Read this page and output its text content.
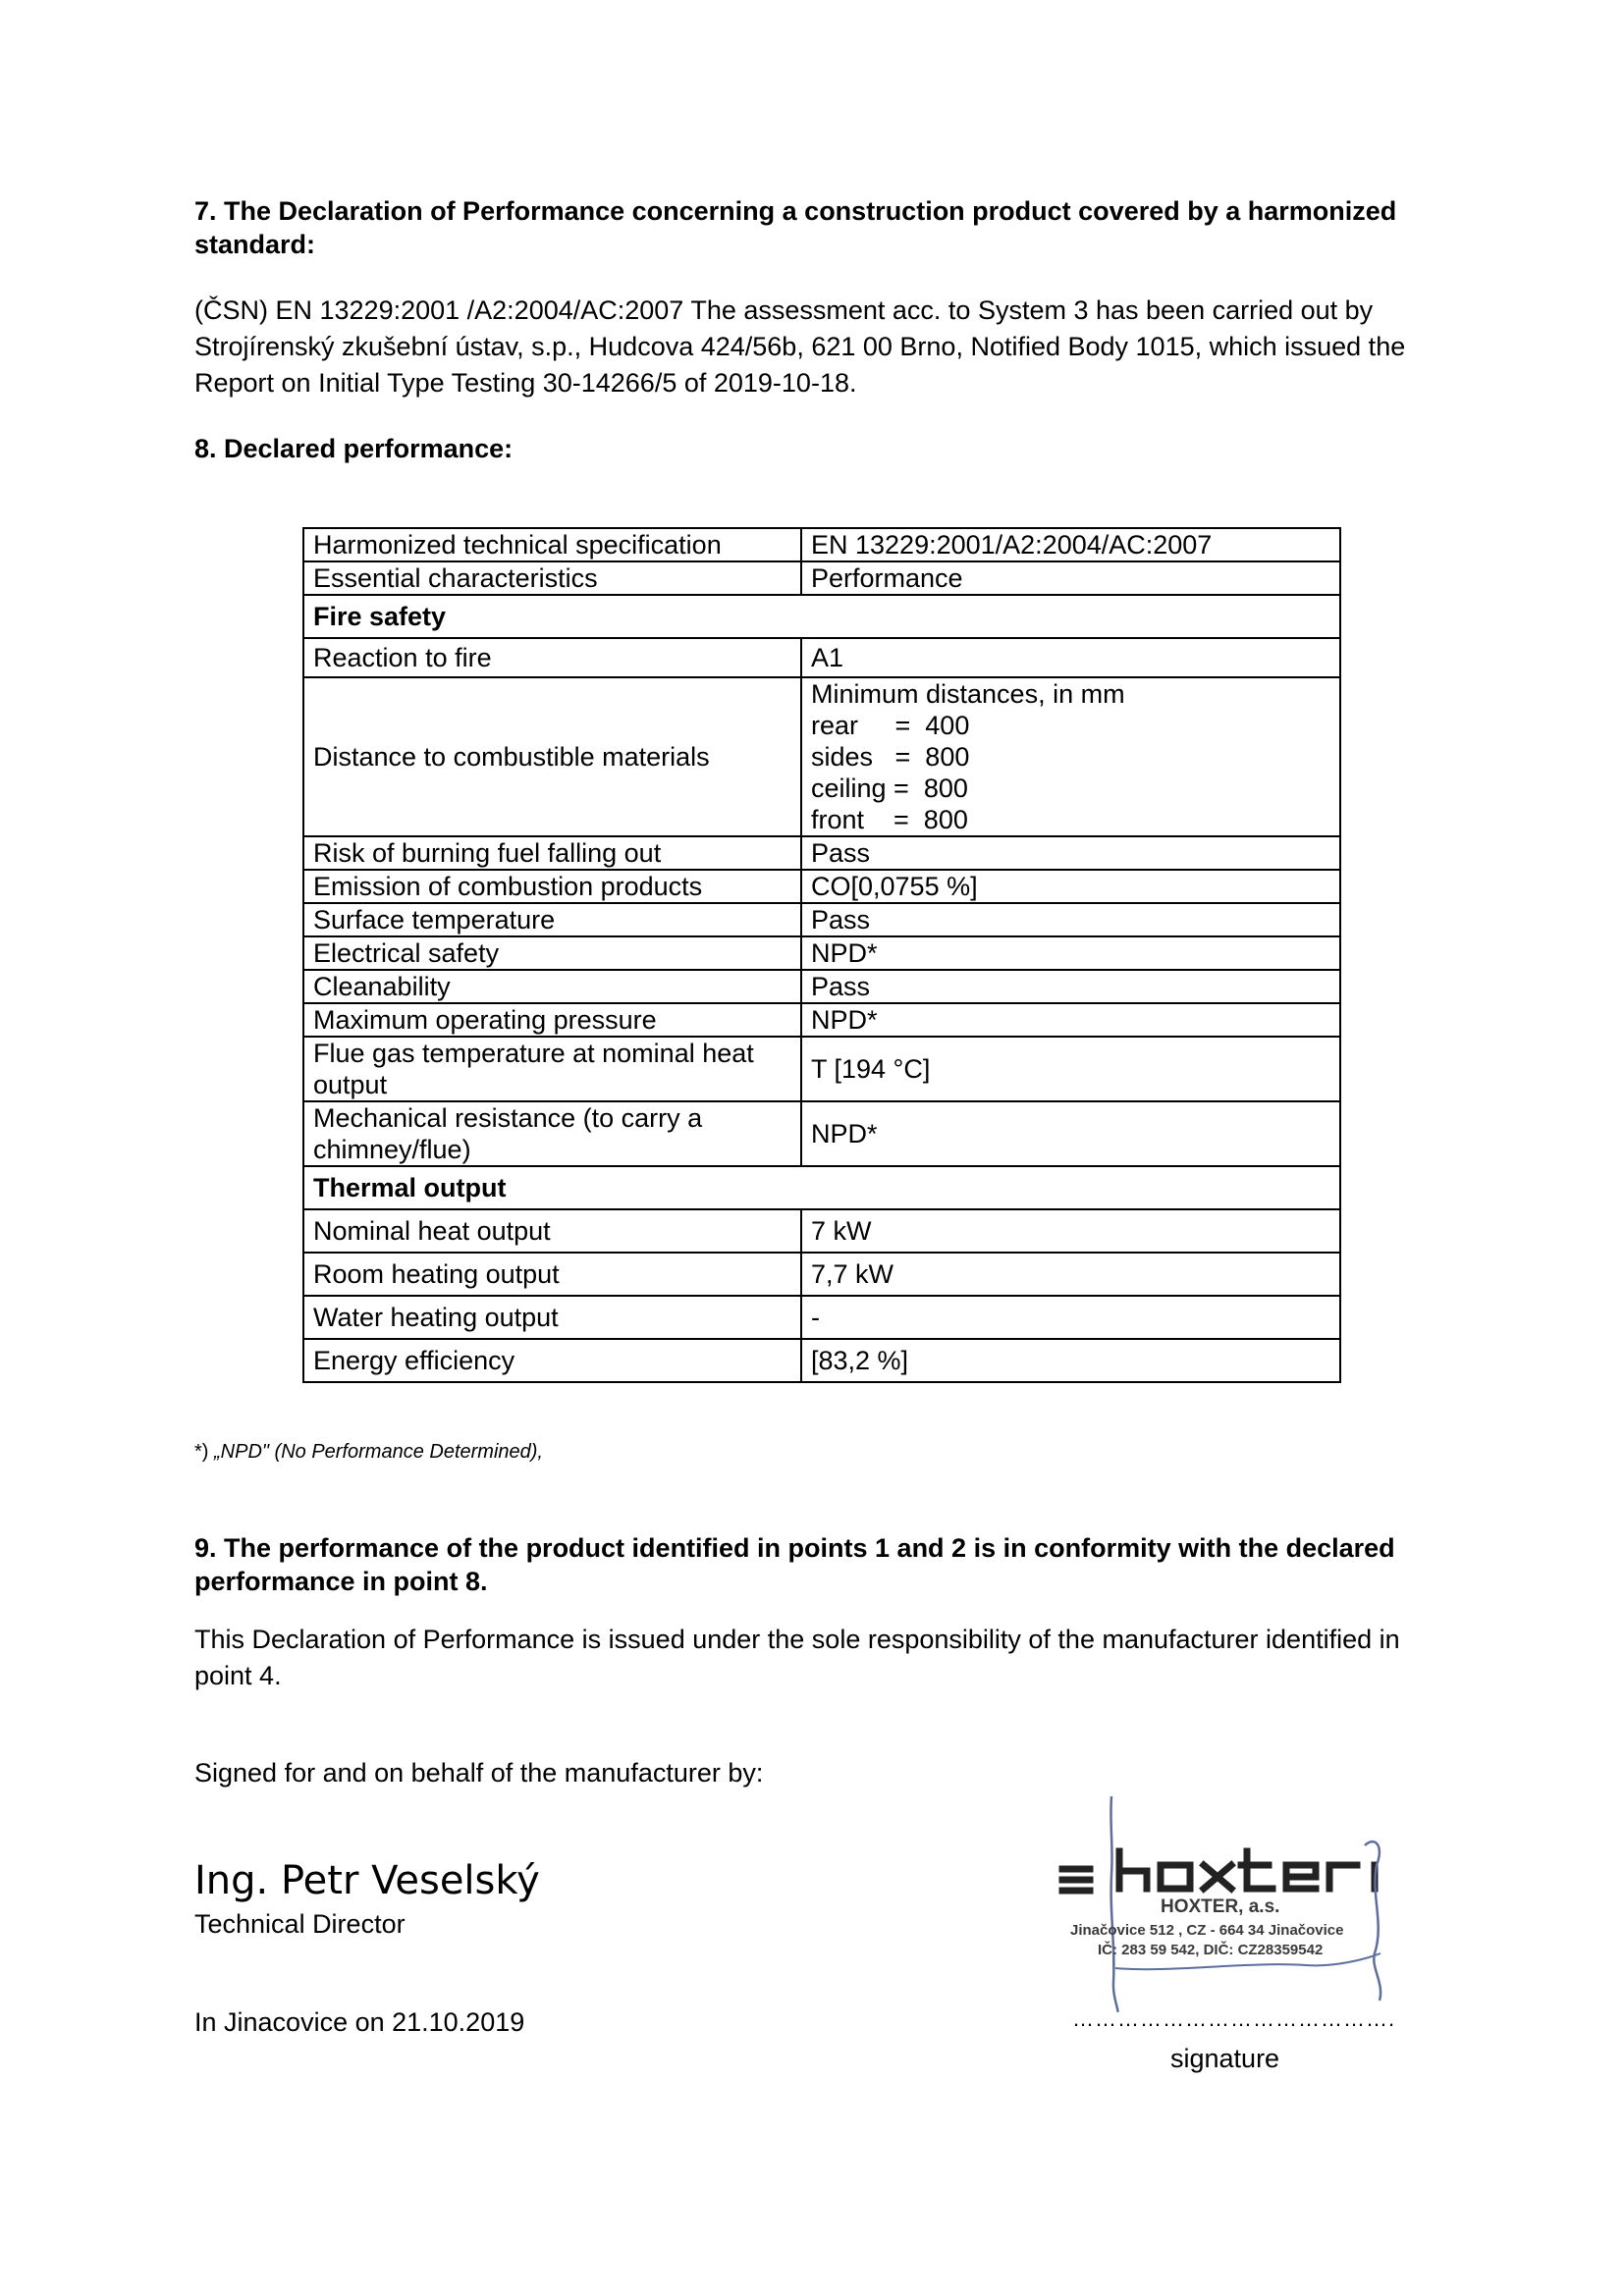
7. The Declaration of Performance concerning a construction product covered by a harmonized standard:

(ČSN) EN 13229:2001 /A2:2004/AC:2007 The assessment acc. to System 3 has been carried out by Strojírenský zkušební ústav, s.p., Hudcova 424/56b, 621 00 Brno, Notified Body 1015, which issued the Report on Initial Type Testing 30-14266/5 of 2019-10-18.

8. Declared performance:

Harmonized technical specification	EN 13229:2001/A2:2004/AC:2007
Essential characteristics	Performance
Fire safety	
Reaction to fire	A1
Distance to combustible materials	Minimum distances, in mm
rear     =  400
sides   =  800
ceiling =  800
front    =  800

Risk of burning fuel falling out	Pass
Emission of combustion products	CO[0,0755 %]
Surface temperature	Pass
Electrical safety	NPD*
Cleanability	Pass
Maximum operating pressure	NPD*
Flue gas temperature at nominal heat output	T [194 °C]
Mechanical resistance (to carry a chimney/flue)	NPD*
Thermal output	
Nominal heat output	7 kW
Room heating output	7,7 kW
Water heating output	-
Energy efficiency	[83,2 %]

*) „NPD" (No Performance Determined),

9. The performance of the product identified in points 1 and 2 is in conformity with the declared performance in point 8.

This Declaration of Performance is issued under the sole responsibility of the manufacturer identified in point 4.

Signed for and on behalf of the manufacturer by:

Ing. Petr Veselský

Technical Director

In Jinacovice on 21.10.2019

HOXTER, a.s.
Jinačovice 512 , CZ - 664 34 Jinačovice
IČ: 283 59 542, DIČ: CZ28359542

…………………………………….

signature
